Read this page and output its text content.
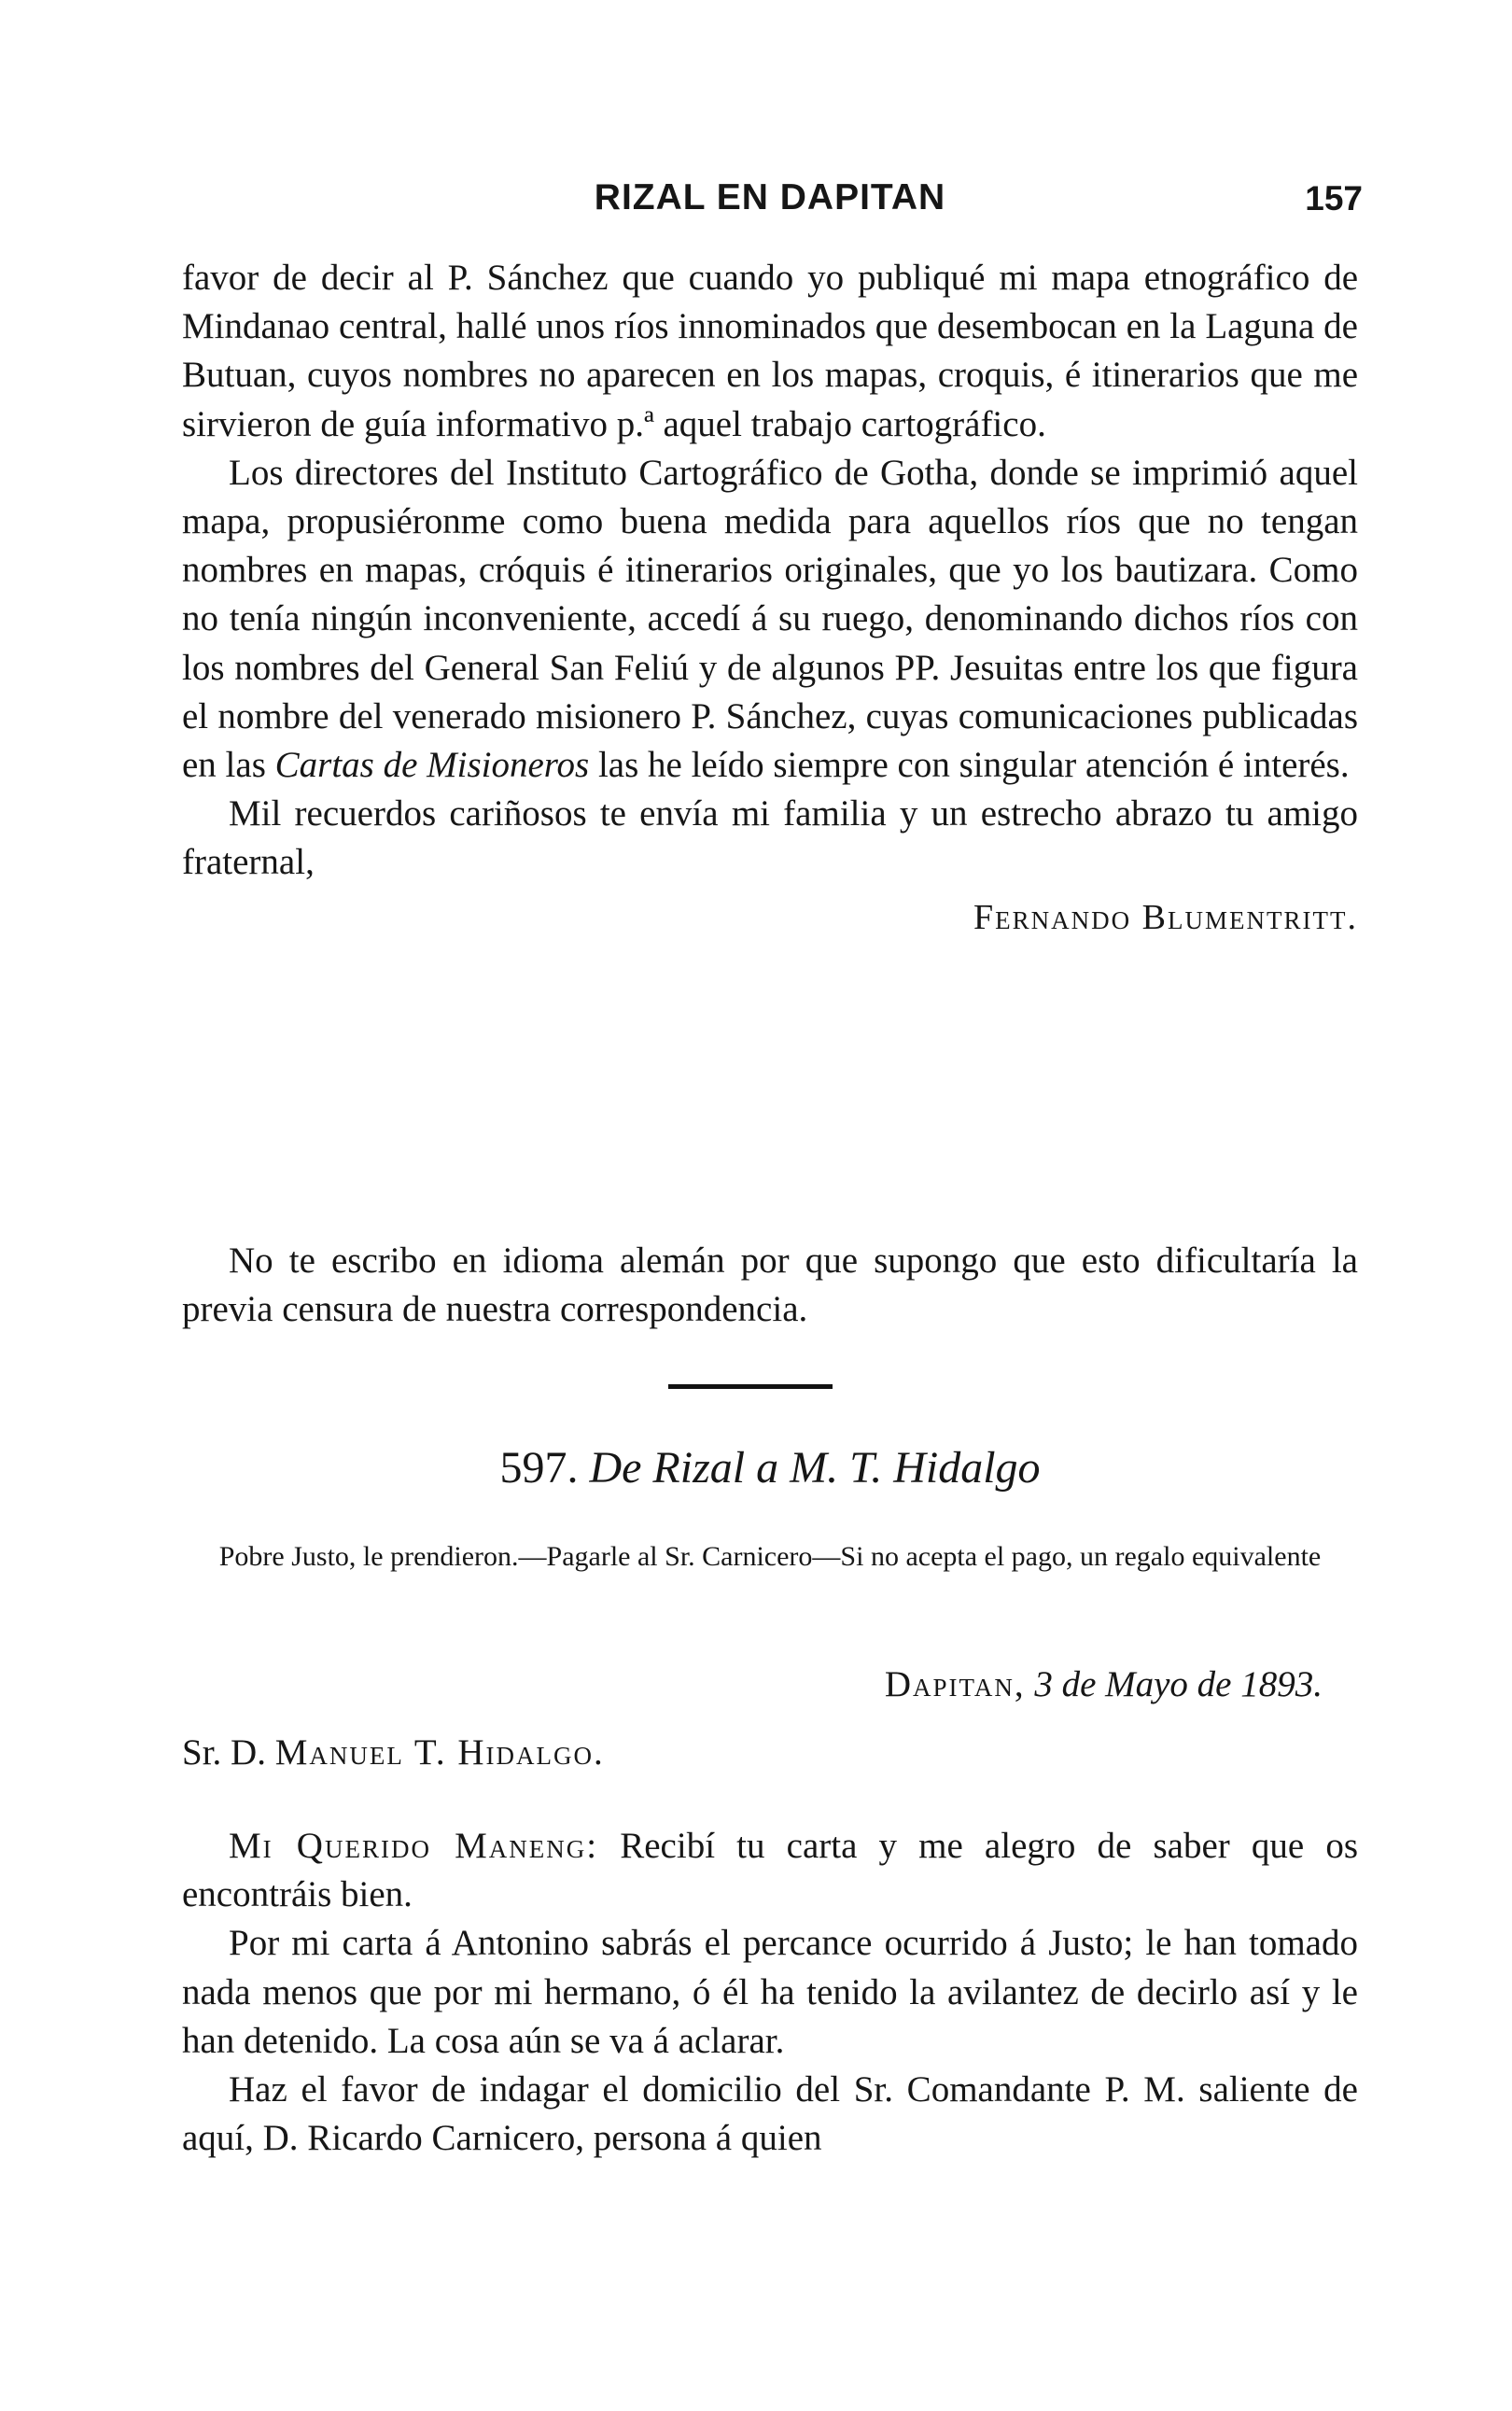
RIZAL EN DAPITAN	157

favor de decir al P. Sánchez que cuando yo publiqué mi mapa etnográfico de Mindanao central, hallé unos ríos innominados que desembocan en la Laguna de Butuan, cuyos nombres no aparecen en los mapas, croquis, é itinerarios que me sirvieron de guía informativo p.ª aquel trabajo cartográfico.

Los directores del Instituto Cartográfico de Gotha, donde se imprimió aquel mapa, propusiéronme como buena medida para aquellos ríos que no tengan nombres en mapas, cróquis é itinerarios originales, que yo los bautizara. Como no tenía ningún inconveniente, accedí á su ruego, denominando dichos ríos con los nombres del General San Feliú y de algunos PP. Jesuitas entre los que figura el nombre del venerado misionero P. Sánchez, cuyas comunicaciones publicadas en las Cartas de Misioneros las he leído siempre con singular atención é interés.

Mil recuerdos cariñosos te envía mi familia y un estrecho abrazo tu amigo fraternal,

Fernando Blumentritt.

No te escribo en idioma alemán por que supongo que esto dificultaría la previa censura de nuestra correspondencia.

597. De Rizal a M. T. Hidalgo
Pobre Justo, le prendieron.—Pagarle al Sr. Carnicero—Si no acepta el pago, un regalo equivalente
Dapitan, 3 de Mayo de 1893.
Sr. D. Manuel T. Hidalgo.

Mi Querido Maneng: Recibí tu carta y me alegro de saber que os encontráis bien.

Por mi carta á Antonino sabrás el percance ocurrido á Justo; le han tomado nada menos que por mi hermano, ó él ha tenido la avilantez de decirlo así y le han detenido. La cosa aún se va á aclarar.

Haz el favor de indagar el domicilio del Sr. Comandante P. M. saliente de aquí, D. Ricardo Carnicero, persona á quien
